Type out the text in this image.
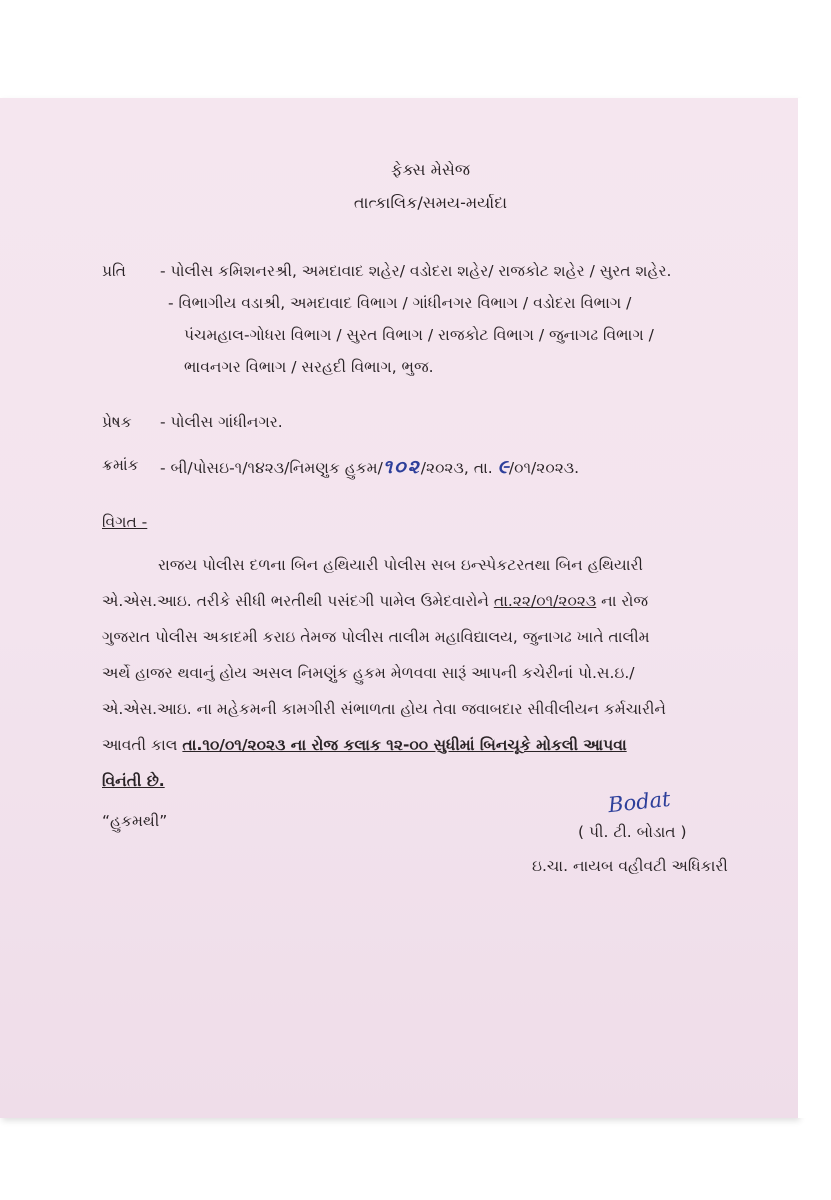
ફેક્સ મેસેજ
તાત્કાલિક/સમય-મર્યાદા
પ્રતિ - પોલીસ કમિશનરશ્રી, અમદાવાદ શહેર/ વડોદરા શહેર/ રાજકોટ શહેર / સુરત શહેર.
- વિભાગીય વડાશ્રી, અમદાવાદ વિભાગ / ગાંધીનગર વિભાગ / વડોદરા વિભાગ /
પંચમહાલ-ગોધરા વિભાગ / સુરત વિભાગ / રાજકોટ વિભાગ / જુનાગઢ વિભાગ /
ભાવનગર વિભાગ / સરહદી વિભાગ, ભુજ.
પ્રેષક - પોલીસ ગાંધીનગર.
ક્રમાંક - બી/પોસઇ-૧/૧૪૨૩/નિમણુક હુકમ/૧૦૨/૨૦૨૩, તા. ૯/૦૧/૨૦૨૩.
વિગત -
રાજય પોલીસ દળના બિન હથિયારી પોલીસ સબ ઇન્સ્પેકટરતથા બિન હથિયારી
એ.એસ.આઇ. તરીકે સીધી ભરતીથી પસંદગી પામેલ ઉમેદવારોને તા.૨૨/૦૧/૨૦૨૩ ના રોજ
ગુજરાત પોલીસ અકાદમી કરાઇ તેમજ પોલીસ તાલીમ મહાવિદ્યાલય, જુનાગઢ ખાતે તાલીમ
અર્થે હાજર થવાનું હોય અસલ નિમણુંક હુકમ મેળવવા સારૂં આપની કચેરીનાં પો.સ.ઇ./
એ.એસ.આઇ. ના મહેકમની કામગીરી સંભાળતા હોય તેવા જવાબદાર સીવીલીયન કર્મચારીને
આવતી કાલ તા.૧૦/૦૧/૨૦૨૩ ના રોજ કલાક ૧૨-૦૦ સુધીમાં બિનચૂકે મોકલી આપવા
વિનંતી છે.
“હુકમથી”
Bodat
( પી. ટી. બોડાત )
ઇ.ચા. નાયબ વહીવટી અધિકારી
